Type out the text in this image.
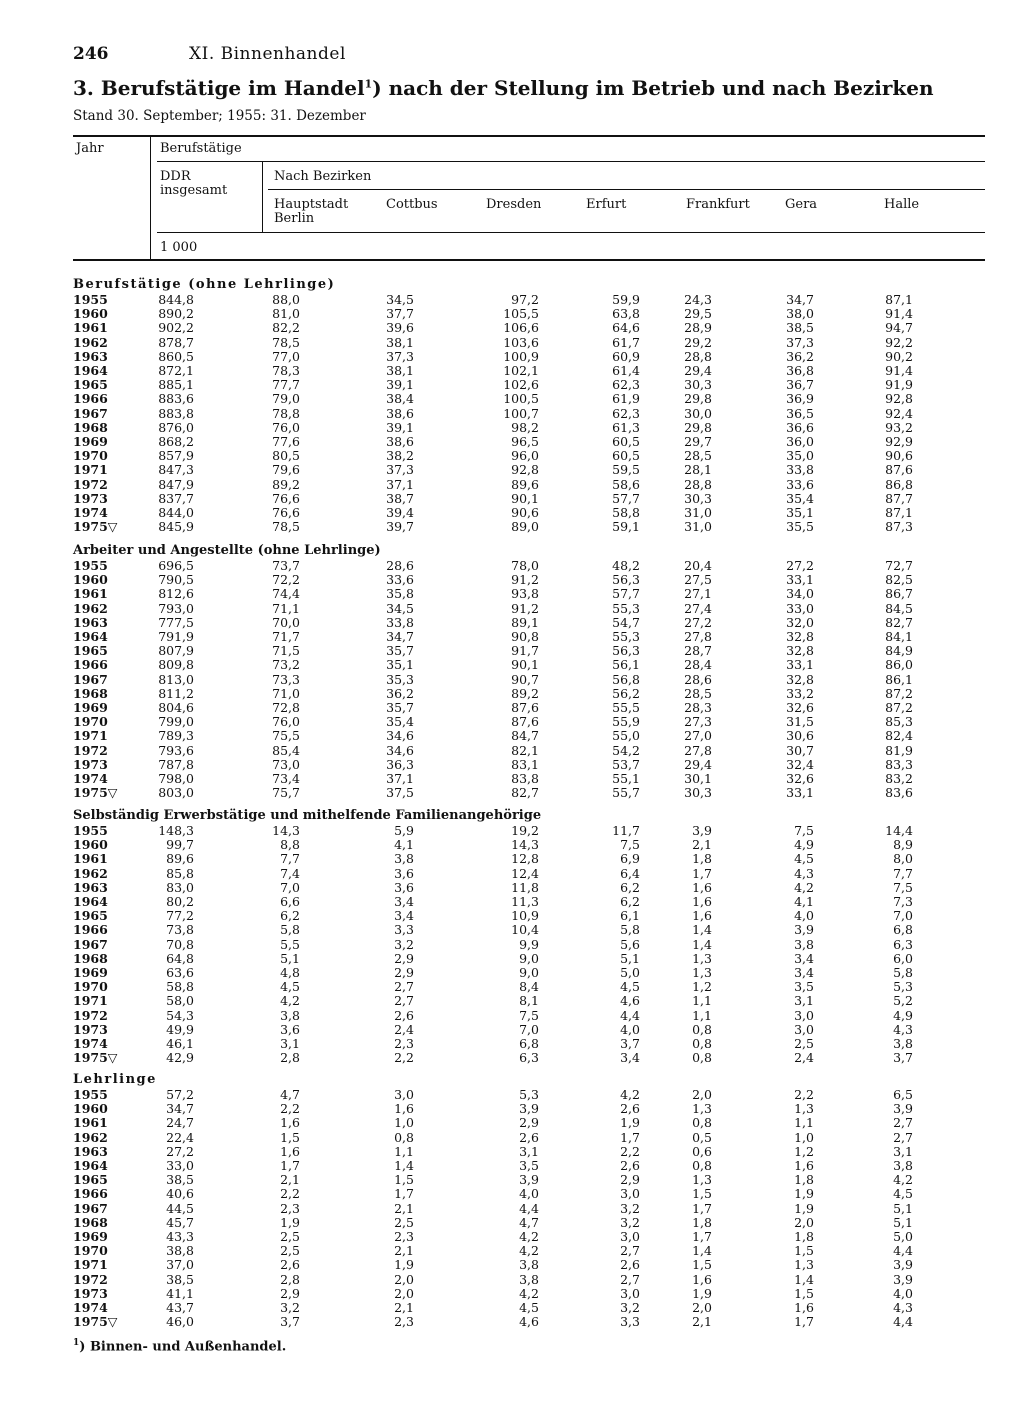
246	XI. Binnenhandel
3. Berufstätige im Handel$^1$) nach der Stellung im Betrieb und nach Bezirken
Stand 30. September; 1955: 31. Dezember
Jahr	Berufstätige
DDR
insgesamt
Nach Bezirken
Hauptstadt
Berlin
Cottbus	Dresden	Erfurt	Frankfurt	Gera	Halle
1 000
Berufstätige (ohne Lehrlinge)
Arbeiter und Angestellte (ohne Lehrlinge)
Selbständig Erwerbstätige und mithelfende Familienangehörige
Lehrlinge
1955	844,8	88,0	34,5	97,2	59,9	24,3	34,7	87,1
1960	890,2	81,0	37,7	105,5	63,8	29,5	38,0	91,4
1961	902,2	82,2	39,6	106,6	64,6	28,9	38,5	94,7
1962	878,7	78,5	38,1	103,6	61,7	29,2	37,3	92,2
1963	860,5	77,0	37,3	100,9	60,9	28,8	36,2	90,2
1964	872,1	78,3	38,1	102,1	61,4	29,4	36,8	91,4
1965	885,1	77,7	39,1	102,6	62,3	30,3	36,7	91,9
1966	883,6	79,0	38,4	100,5	61,9	29,8	36,9	92,8
1967	883,8	78,8	38,6	100,7	62,3	30,0	36,5	92,4
1968	876,0	76,0	39,1	98,2	61,3	29,8	36,6	93,2
1969	868,2	77,6	38,6	96,5	60,5	29,7	36,0	92,9
1970	857,9	80,5	38,2	96,0	60,5	28,5	35,0	90,6
1971	847,3	79,6	37,3	92,8	59,5	28,1	33,8	87,6
1972	847,9	89,2	37,1	89,6	58,6	28,8	33,6	86,8
1973	837,7	76,6	38,7	90,1	57,7	30,3	35,4	87,7
1974	844,0	76,6	39,4	90,6	58,8	31,0	35,1	87,1
1975▽	845,9	78,5	39,7	89,0	59,1	31,0	35,5	87,3
1955	696,5	73,7	28,6	78,0	48,2	20,4	27,2	72,7
1960	790,5	72,2	33,6	91,2	56,3	27,5	33,1	82,5
1961	812,6	74,4	35,8	93,8	57,7	27,1	34,0	86,7
1962	793,0	71,1	34,5	91,2	55,3	27,4	33,0	84,5
1963	777,5	70,0	33,8	89,1	54,7	27,2	32,0	82,7
1964	791,9	71,7	34,7	90,8	55,3	27,8	32,8	84,1
1965	807,9	71,5	35,7	91,7	56,3	28,7	32,8	84,9
1966	809,8	73,2	35,1	90,1	56,1	28,4	33,1	86,0
1967	813,0	73,3	35,3	90,7	56,8	28,6	32,8	86,1
1968	811,2	71,0	36,2	89,2	56,2	28,5	33,2	87,2
1969	804,6	72,8	35,7	87,6	55,5	28,3	32,6	87,2
1970	799,0	76,0	35,4	87,6	55,9	27,3	31,5	85,3
1971	789,3	75,5	34,6	84,7	55,0	27,0	30,6	82,4
1972	793,6	85,4	34,6	82,1	54,2	27,8	30,7	81,9
1973	787,8	73,0	36,3	83,1	53,7	29,4	32,4	83,3
1974	798,0	73,4	37,1	83,8	55,1	30,1	32,6	83,2
1975▽	803,0	75,7	37,5	82,7	55,7	30,3	33,1	83,6
1955	148,3	14,3	5,9	19,2	11,7	3,9	7,5	14,4
1960	99,7	8,8	4,1	14,3	7,5	2,1	4,9	8,9
1961	89,6	7,7	3,8	12,8	6,9	1,8	4,5	8,0
1962	85,8	7,4	3,6	12,4	6,4	1,7	4,3	7,7
1963	83,0	7,0	3,6	11,8	6,2	1,6	4,2	7,5
1964	80,2	6,6	3,4	11,3	6,2	1,6	4,1	7,3
1965	77,2	6,2	3,4	10,9	6,1	1,6	4,0	7,0
1966	73,8	5,8	3,3	10,4	5,8	1,4	3,9	6,8
1967	70,8	5,5	3,2	9,9	5,6	1,4	3,8	6,3
1968	64,8	5,1	2,9	9,0	5,1	1,3	3,4	6,0
1969	63,6	4,8	2,9	9,0	5,0	1,3	3,4	5,8
1970	58,8	4,5	2,7	8,4	4,5	1,2	3,5	5,3
1971	58,0	4,2	2,7	8,1	4,6	1,1	3,1	5,2
1972	54,3	3,8	2,6	7,5	4,4	1,1	3,0	4,9
1973	49,9	3,6	2,4	7,0	4,0	0,8	3,0	4,3
1974	46,1	3,1	2,3	6,8	3,7	0,8	2,5	3,8
1975▽	42,9	2,8	2,2	6,3	3,4	0,8	2,4	3,7
1955	57,2	4,7	3,0	5,3	4,2	2,0	2,2	6,5
1960	34,7	2,2	1,6	3,9	2,6	1,3	1,3	3,9
1961	24,7	1,6	1,0	2,9	1,9	0,8	1,1	2,7
1962	22,4	1,5	0,8	2,6	1,7	0,5	1,0	2,7
1963	27,2	1,6	1,1	3,1	2,2	0,6	1,2	3,1
1964	33,0	1,7	1,4	3,5	2,6	0,8	1,6	3,8
1965	38,5	2,1	1,5	3,9	2,9	1,3	1,8	4,2
1966	40,6	2,2	1,7	4,0	3,0	1,5	1,9	4,5
1967	44,5	2,3	2,1	4,4	3,2	1,7	1,9	5,1
1968	45,7	1,9	2,5	4,7	3,2	1,8	2,0	5,1
1969	43,3	2,5	2,3	4,2	3,0	1,7	1,8	5,0
1970	38,8	2,5	2,1	4,2	2,7	1,4	1,5	4,4
1971	37,0	2,6	1,9	3,8	2,6	1,5	1,3	3,9
1972	38,5	2,8	2,0	3,8	2,7	1,6	1,4	3,9
1973	41,1	2,9	2,0	4,2	3,0	1,9	1,5	4,0
1974	43,7	3,2	2,1	4,5	3,2	2,0	1,6	4,3
1975▽	46,0	3,7	2,3	4,6	3,3	2,1	1,7	4,4
$^1$) Binnen- und Außenhandel.
